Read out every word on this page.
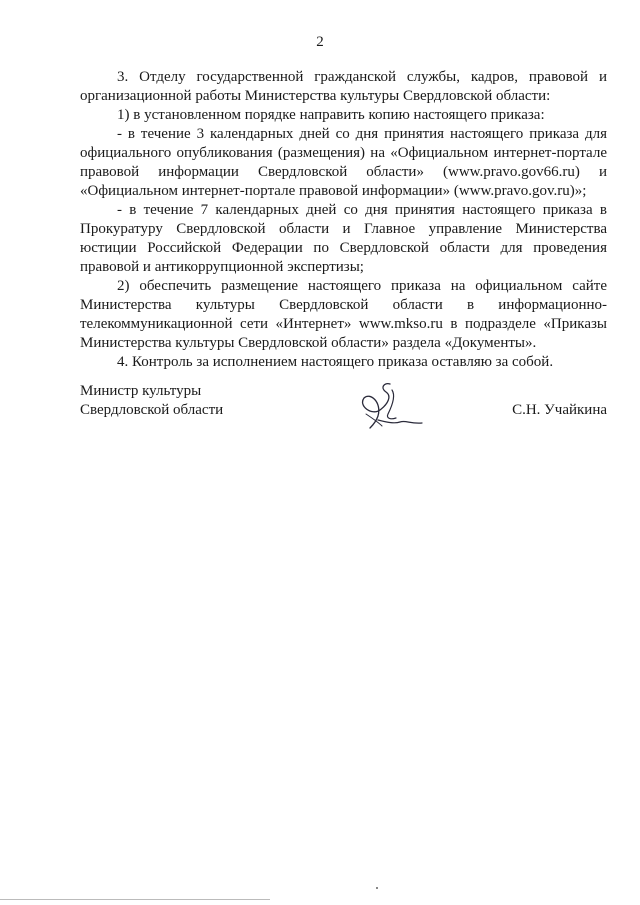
2

3. Отделу государственной гражданской службы, кадров, правовой и организационной работы Министерства культуры Свердловской области:

1) в установленном порядке направить копию настоящего приказа:

- в течение 3 календарных дней со дня принятия настоящего приказа для официального опубликования (размещения) на «Официальном интернет-портале правовой информации Свердловской области» (www.pravo.gov66.ru) и «Официальном интернет-портале правовой информации» (www.pravo.gov.ru)»;

- в течение 7 календарных дней со дня принятия настоящего приказа в Прокуратуру Свердловской области и Главное управление Министерства юстиции Российской Федерации по Свердловской области для проведения правовой и антикоррупционной экспертизы;

2) обеспечить размещение настоящего приказа на официальном сайте Министерства культуры Свердловской области в информационно-телекоммуникационной сети «Интернет» www.mkso.ru в подразделе «Приказы Министерства культуры Свердловской области» раздела «Документы».

4. Контроль за исполнением настоящего приказа оставляю за собой.

Министр культуры
Свердловской области	С.Н. Учайкина
